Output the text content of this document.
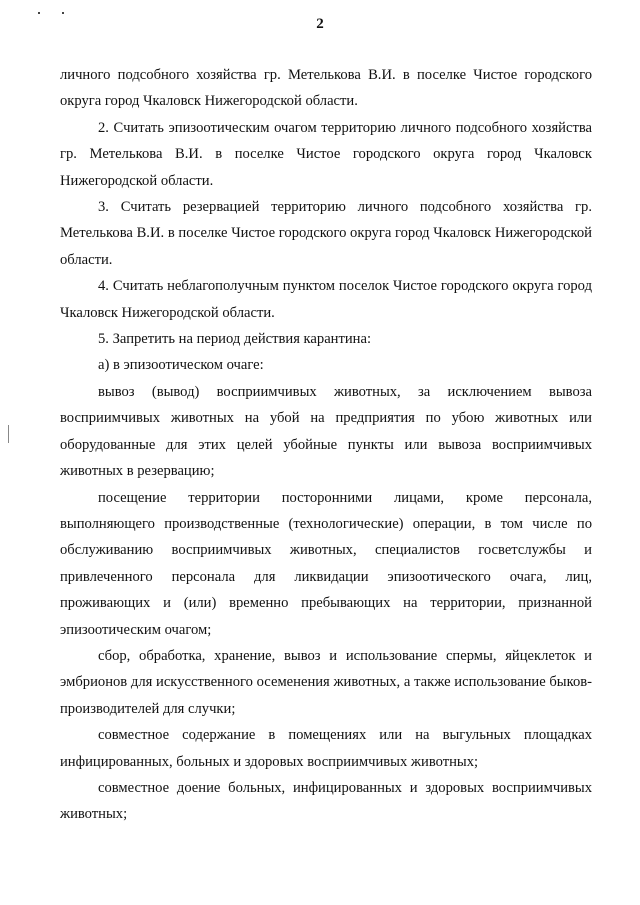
2

личного подсобного хозяйства гр. Метелькова В.И. в поселке Чистое городского округа город Чкаловск Нижегородской области.

2. Считать эпизоотическим очагом территорию личного подсобного хозяйства гр. Метелькова В.И. в поселке Чистое городского округа город Чкаловск Нижегородской области.

3. Считать резервацией территорию личного подсобного хозяйства гр. Метелькова В.И. в поселке Чистое городского округа город Чкаловск Нижегородской области.

4. Считать неблагополучным пунктом поселок Чистое городского округа город Чкаловск Нижегородской области.

5. Запретить на период действия карантина:

а) в эпизоотическом очаге:

вывоз (вывод) восприимчивых животных, за исключением вывоза восприимчивых животных на убой на предприятия по убою животных или оборудованные для этих целей убойные пункты или вывоза восприимчивых животных в резервацию;

посещение территории посторонними лицами, кроме персонала, выполняющего производственные (технологические) операции, в том числе по обслуживанию восприимчивых животных, специалистов госветслужбы и привлеченного персонала для ликвидации эпизоотического очага, лиц, проживающих и (или) временно пребывающих на территории, признанной эпизоотическим очагом;

сбор, обработка, хранение, вывоз и использование спермы, яйцеклеток и эмбрионов для искусственного осеменения животных, а также использование быков-производителей для случки;

совместное содержание в помещениях или на выгульных площадках инфицированных, больных и здоровых восприимчивых животных;

совместное доение больных, инфицированных и здоровых восприимчивых животных;
